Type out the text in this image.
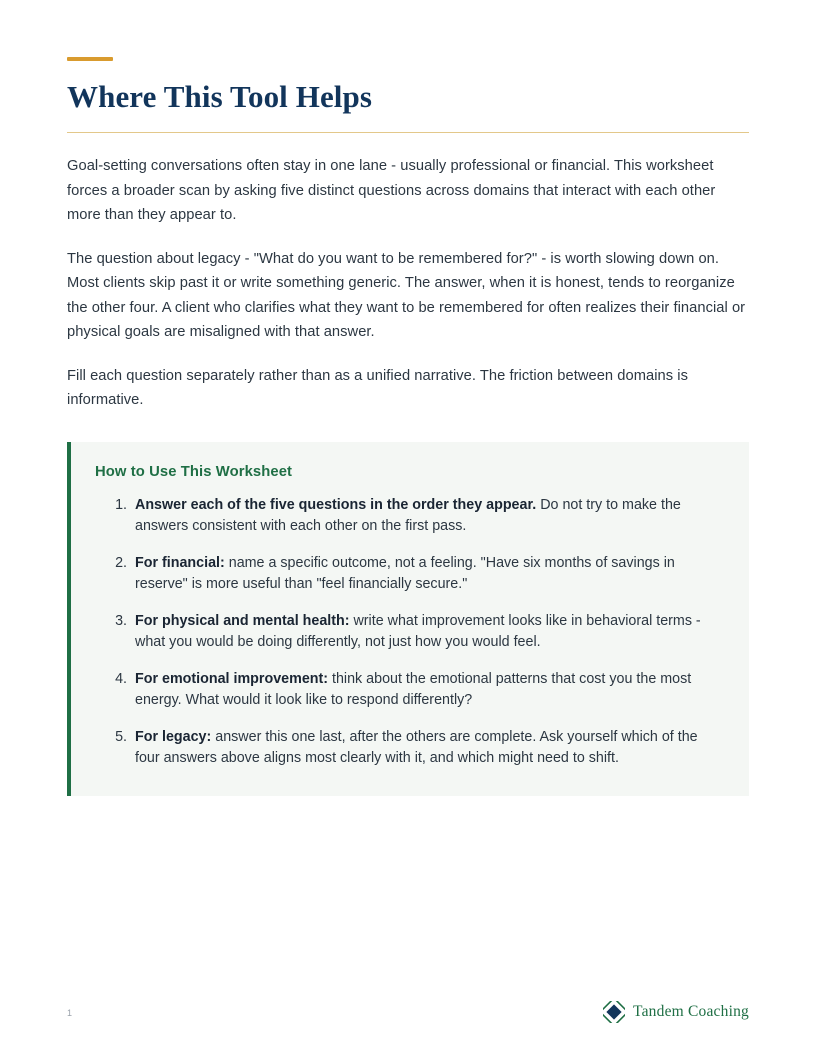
Where This Tool Helps

Goal-setting conversations often stay in one lane - usually professional or financial. This worksheet forces a broader scan by asking five distinct questions across domains that interact with each other more than they appear to.

The question about legacy - "What do you want to be remembered for?" - is worth slowing down on. Most clients skip past it or write something generic. The answer, when it is honest, tends to reorganize the other four. A client who clarifies what they want to be remembered for often realizes their financial or physical goals are misaligned with that answer.

Fill each question separately rather than as a unified narrative. The friction between domains is informative.

How to Use This Worksheet
1. Answer each of the five questions in the order they appear. Do not try to make the answers consistent with each other on the first pass.
2. For financial: name a specific outcome, not a feeling. "Have six months of savings in reserve" is more useful than "feel financially secure."
3. For physical and mental health: write what improvement looks like in behavioral terms - what you would be doing differently, not just how you would feel.
4. For emotional improvement: think about the emotional patterns that cost you the most energy. What would it look like to respond differently?
5. For legacy: answer this one last, after the others are complete. Ask yourself which of the four answers above aligns most clearly with it, and which might need to shift.
1	Tandem Coaching
